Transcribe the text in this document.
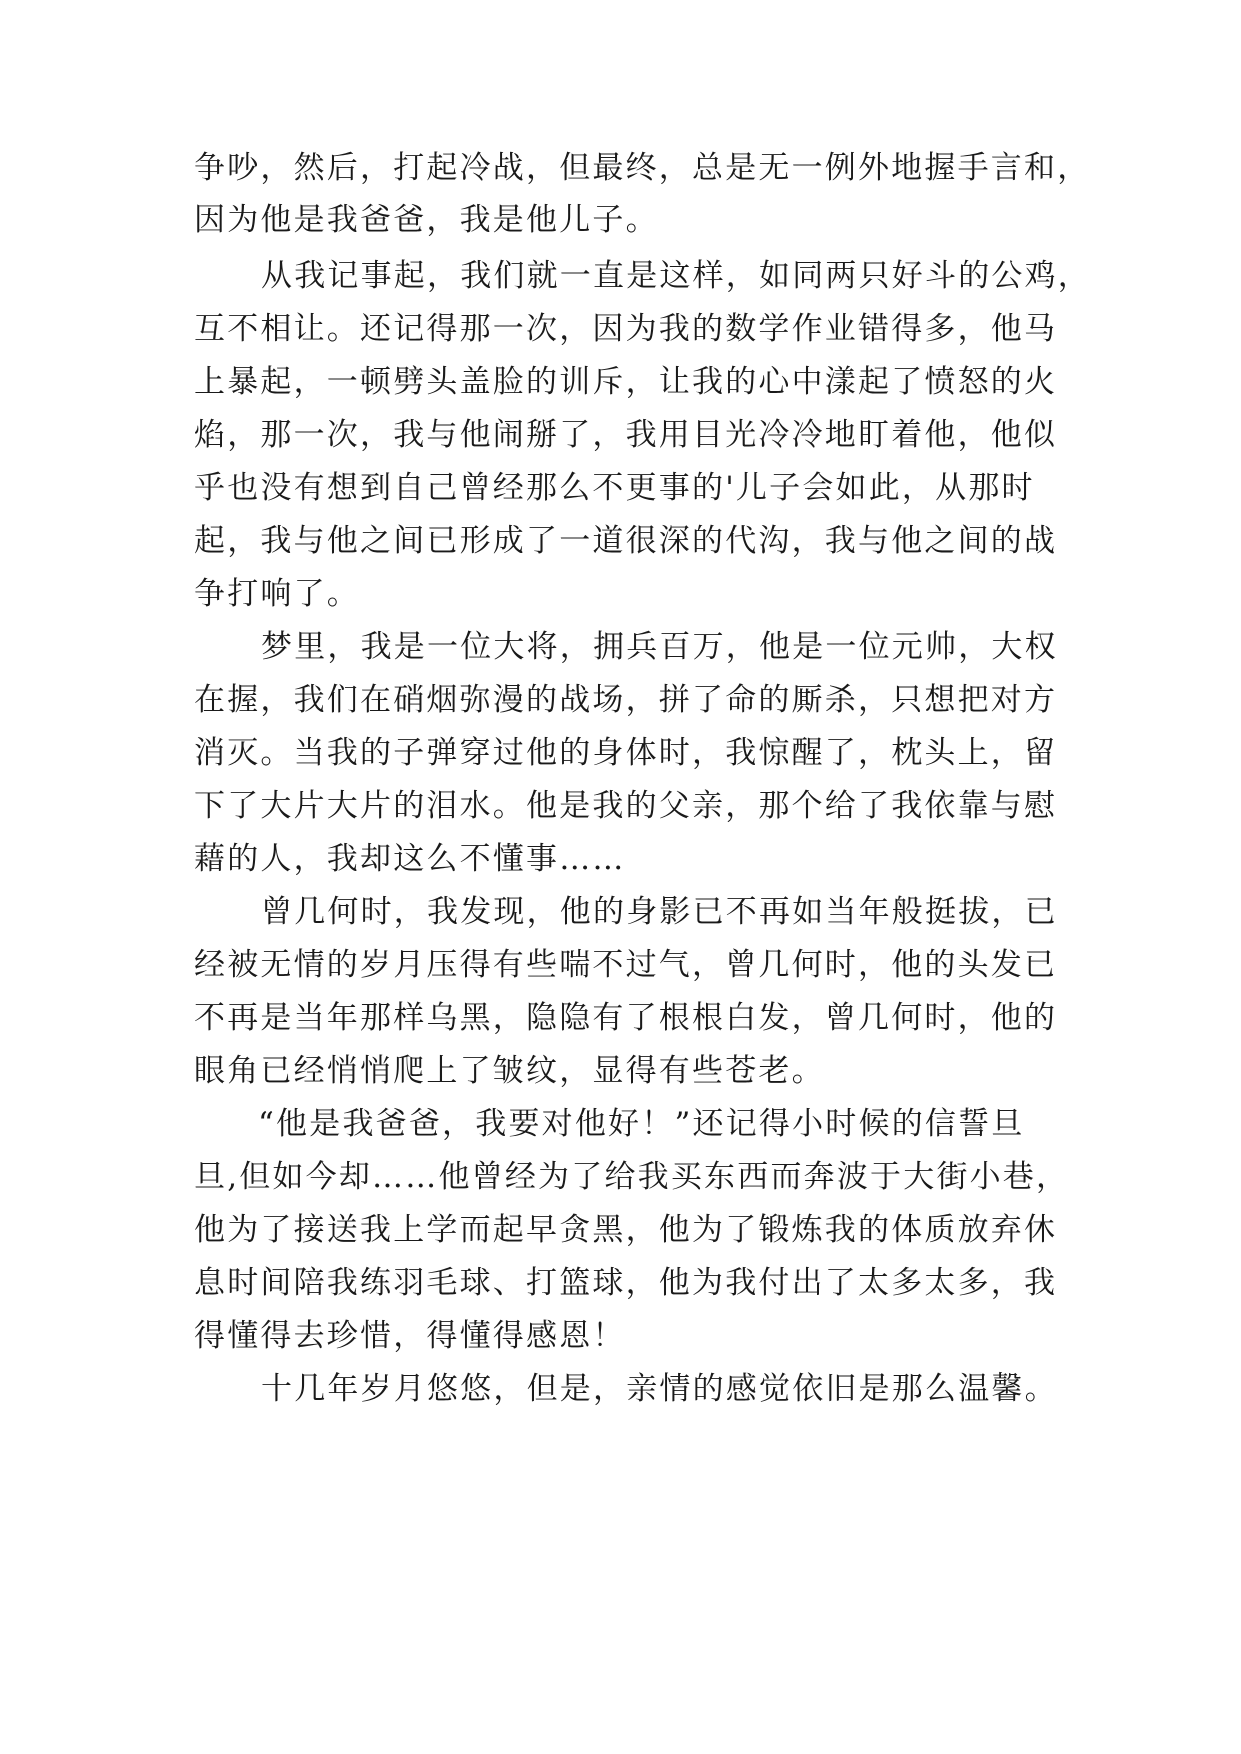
争吵，然后，打起冷战，但最终，总是无一例外地握手言和，
因为他是我爸爸，我是他儿子。
从我记事起，我们就一直是这样，如同两只好斗的公鸡，
互不相让。还记得那一次，因为我的数学作业错得多，他马
上暴起，一顿劈头盖脸的训斥，让我的心中漾起了愤怒的火
焰，那一次，我与他闹掰了，我用目光冷冷地盯着他，他似
乎也没有想到自己曾经那么不更事的'儿子会如此，从那时
起，我与他之间已形成了一道很深的代沟，我与他之间的战
争打响了。
梦里，我是一位大将，拥兵百万，他是一位元帅，大权
在握，我们在硝烟弥漫的战场，拼了命的厮杀，只想把对方
消灭。当我的子弹穿过他的身体时，我惊醒了，枕头上，留
下了大片大片的泪水。他是我的父亲，那个给了我依靠与慰
藉的人，我却这么不懂事……
曾几何时，我发现，他的身影已不再如当年般挺拔，已
经被无情的岁月压得有些喘不过气，曾几何时，他的头发已
不再是当年那样乌黑，隐隐有了根根白发，曾几何时，他的
眼角已经悄悄爬上了皱纹，显得有些苍老。
“他是我爸爸，我要对他好！”还记得小时候的信誓旦
旦,但如今却……他曾经为了给我买东西而奔波于大街小巷，
他为了接送我上学而起早贪黑，他为了锻炼我的体质放弃休
息时间陪我练羽毛球、打篮球，他为我付出了太多太多，我
得懂得去珍惜，得懂得感恩！
十几年岁月悠悠，但是，亲情的感觉依旧是那么温馨。
